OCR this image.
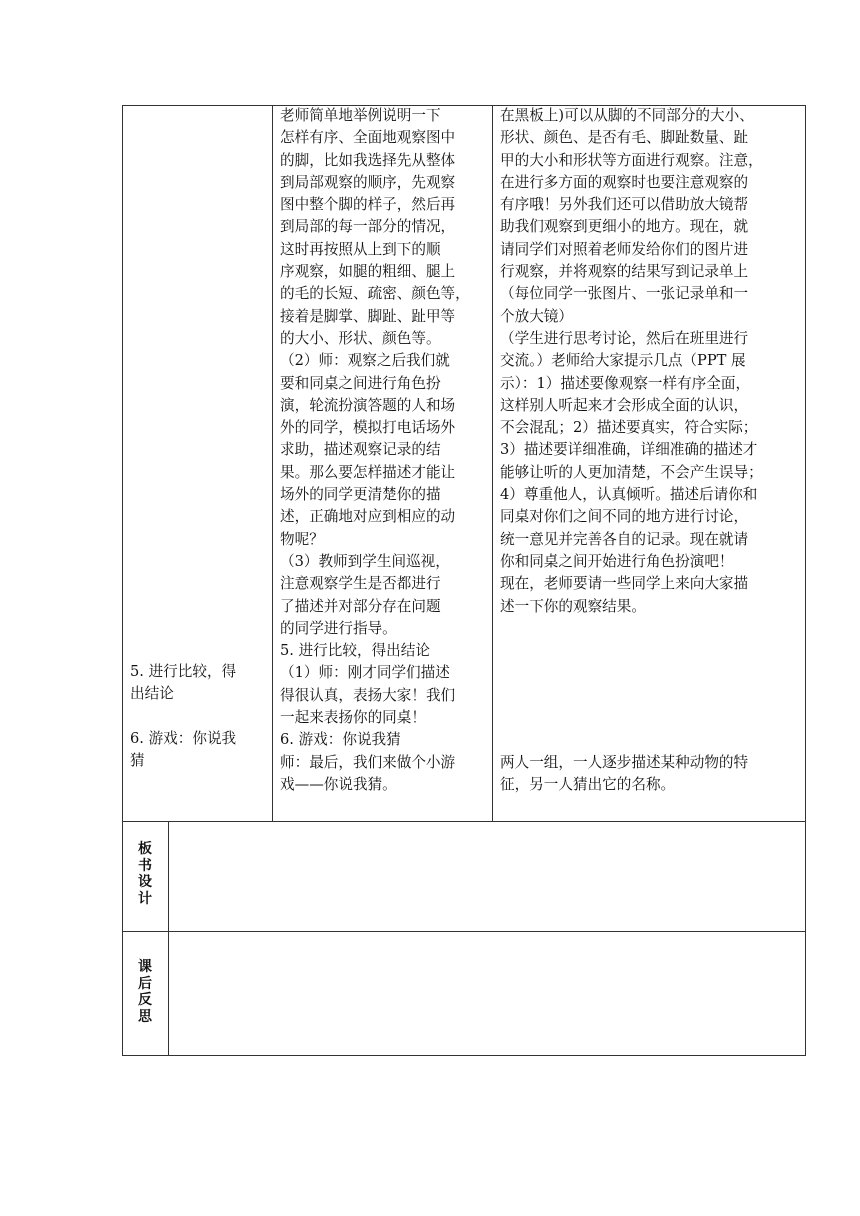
5. 进行比较，得

出结论

6. 游戏：你说我

猜

老师简单地举例说明一下

怎样有序、全面地观察图中

的脚，比如我选择先从整体

到局部观察的顺序，先观察

图中整个脚的样子，然后再

到局部的每一部分的情况，

这时再按照从上到下的顺

序观察，如腿的粗细、腿上

的毛的长短、疏密、颜色等，

接着是脚掌、脚趾、趾甲等

的大小、形状、颜色等。

（2）师：观察之后我们就

要和同桌之间进行角色扮

演，轮流扮演答题的人和场

外的同学，模拟打电话场外

求助，描述观察记录的结

果。那么要怎样描述才能让

场外的同学更清楚你的描

述，正确地对应到相应的动

物呢？

（3）教师到学生间巡视，

注意观察学生是否都进行

了描述并对部分存在问题

的同学进行指导。

5. 进行比较，得出结论

（1）师：刚才同学们描述

得很认真，表扬大家！我们

一起来表扬你的同桌！

6. 游戏：你说我猜

师：最后，我们来做个小游

戏——你说我猜。

在黑板上)可以从脚的不同部分的大小、

形状、颜色、是否有毛、脚趾数量、趾

甲的大小和形状等方面进行观察。注意，

在进行多方面的观察时也要注意观察的

有序哦！另外我们还可以借助放大镜帮

助我们观察到更细小的地方。现在，就

请同学们对照着老师发给你们的图片进

行观察，并将观察的结果写到记录单上

（每位同学一张图片、一张记录单和一

个放大镜）

（学生进行思考讨论，然后在班里进行

交流。）老师给大家提示几点（PPT 展

示）：1）描述要像观察一样有序全面，

这样别人听起来才会形成全面的认识，

不会混乱；2）描述要真实，符合实际；

3）描述要详细准确，详细准确的描述才

能够让听的人更加清楚，不会产生误导；

4）尊重他人，认真倾听。描述后请你和

同桌对你们之间不同的地方进行讨论，

统一意见并完善各自的记录。现在就请

你和同桌之间开始进行角色扮演吧！

现在，老师要请一些同学上来向大家描

述一下你的观察结果。

两人一组，一人逐步描述某种动物的特

征，另一人猜出它的名称。

板
书
设
计
课
后
反
思
